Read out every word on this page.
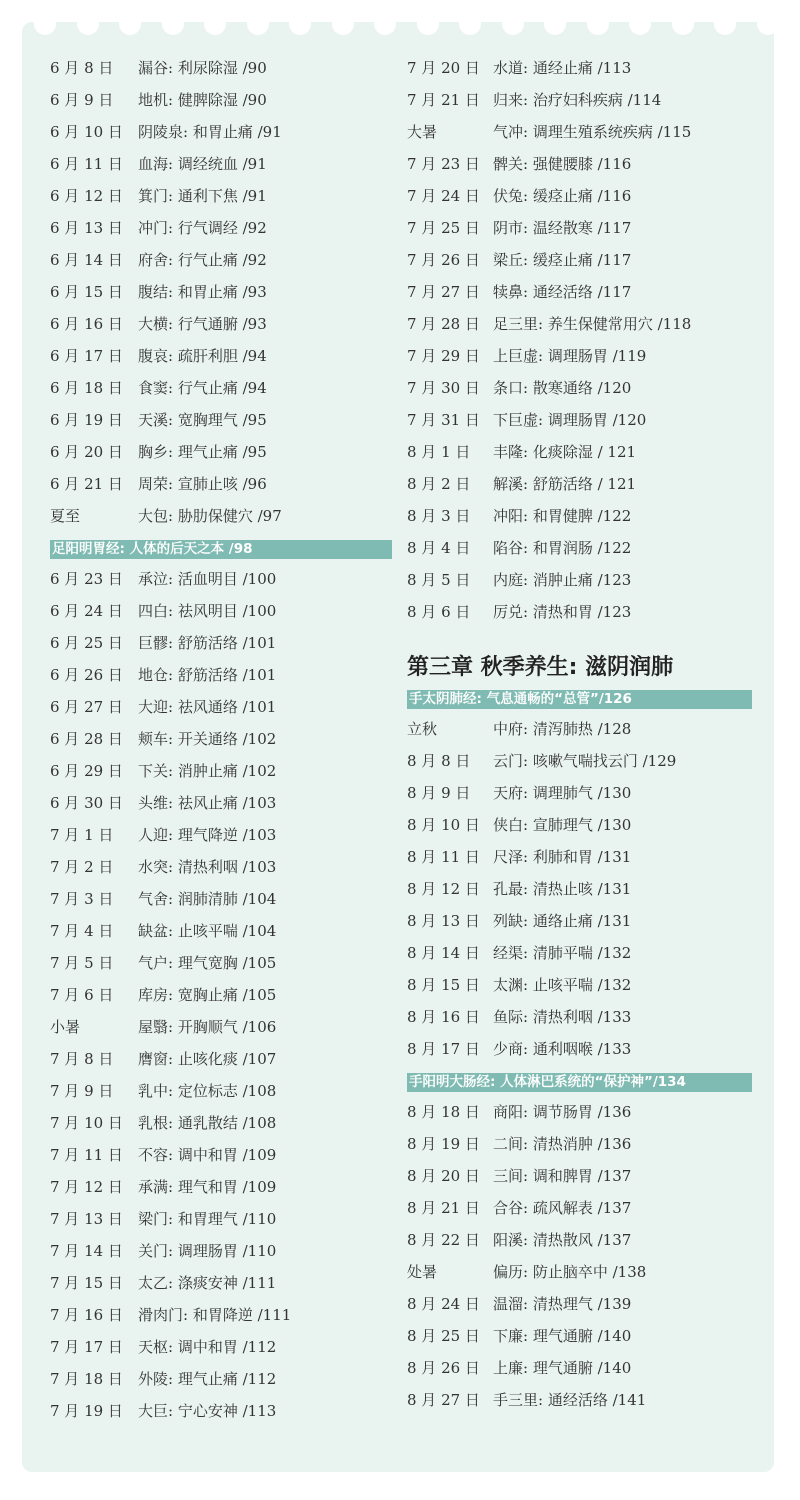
6 月 8 日 漏谷: 利尿除湿 /90
6 月 9 日 地机: 健脾除湿 /90
6 月 10 日 阴陵泉: 和胃止痛 /91
6 月 11 日 血海: 调经统血 /91
6 月 12 日 箕门: 通利下焦 /91
6 月 13 日 冲门: 行气调经 /92
6 月 14 日 府舍: 行气止痛 /92
6 月 15 日 腹结: 和胃止痛 /93
6 月 16 日 大横: 行气通腑 /93
6 月 17 日 腹哀: 疏肝利胆 /94
6 月 18 日 食窦: 行气止痛 /94
6 月 19 日 天溪: 宽胸理气 /95
6 月 20 日 胸乡: 理气止痛 /95
6 月 21 日 周荣: 宣肺止咳 /96
夏至	大包: 胁肋保健穴 /97
足阳明胃经: 人体的后天之本 /98
6 月 23 日 承泣: 活血明目 /100
6 月 24 日 四白: 祛风明目 /100
6 月 25 日 巨髎: 舒筋活络 /101
6 月 26 日 地仓: 舒筋活络 /101
6 月 27 日 大迎: 祛风通络 /101
6 月 28 日 颊车: 开关通络 /102
6 月 29 日 下关: 消肿止痛 /102
6 月 30 日 头维: 祛风止痛 /103
7 月 1 日 人迎: 理气降逆 /103
7 月 2 日 水突: 清热利咽 /103
7 月 3 日 气舍: 润肺清肺 /104
7 月 4 日 缺盆: 止咳平喘 /104
7 月 5 日 气户: 理气宽胸 /105
7 月 6 日 库房: 宽胸止痛 /105
小暑	屋翳: 开胸顺气 /106
7 月 8 日 膺窗: 止咳化痰 /107
7 月 9 日 乳中: 定位标志 /108
7 月 10 日 乳根: 通乳散结 /108
7 月 11 日 不容: 调中和胃 /109
7 月 12 日 承满: 理气和胃 /109
7 月 13 日 梁门: 和胃理气 /110
7 月 14 日 关门: 调理肠胃 /110
7 月 15 日 太乙: 涤痰安神 /111
7 月 16 日 滑肉门: 和胃降逆 /111
7 月 17 日 天枢: 调中和胃 /112
7 月 18 日 外陵: 理气止痛 /112
7 月 19 日 大巨: 宁心安神 /113
7 月 20 日 水道: 通经止痛 /113
7 月 21 日 归来: 治疗妇科疾病 /114
大暑	气冲: 调理生殖系统疾病 /115
7 月 23 日 髀关: 强健腰膝 /116
7 月 24 日 伏兔: 缓痉止痛 /116
7 月 25 日 阴市: 温经散寒 /117
7 月 26 日 梁丘: 缓痉止痛 /117
7 月 27 日 犊鼻: 通经活络 /117
7 月 28 日 足三里: 养生保健常用穴 /118
7 月 29 日 上巨虚: 调理肠胃 /119
7 月 30 日 条口: 散寒通络 /120
7 月 31 日 下巨虚: 调理肠胃 /120
8 月 1 日 丰隆: 化痰除湿 / 121
8 月 2 日 解溪: 舒筋活络 / 121
8 月 3 日 冲阳: 和胃健脾 /122
8 月 4 日 陷谷: 和胃润肠 /122
8 月 5 日 内庭: 消肿止痛 /123
8 月 6 日 厉兑: 清热和胃 /123
第三章 秋季养生: 滋阴润肺
手太阴肺经: 气息通畅的“总管”/126
立秋	中府: 清泻肺热 /128
8 月 8 日 云门: 咳嗽气喘找云门 /129
8 月 9 日 天府: 调理肺气 /130
8 月 10 日 侠白: 宣肺理气 /130
8 月 11 日 尺泽: 利肺和胃 /131
8 月 12 日 孔最: 清热止咳 /131
8 月 13 日 列缺: 通络止痛 /131
8 月 14 日 经渠: 清肺平喘 /132
8 月 15 日 太渊: 止咳平喘 /132
8 月 16 日 鱼际: 清热利咽 /133
8 月 17 日 少商: 通利咽喉 /133
手阳明大肠经: 人体淋巴系统的“保护神”/134
8 月 18 日 商阳: 调节肠胃 /136
8 月 19 日 二间: 清热消肿 /136
8 月 20 日 三间: 调和脾胃 /137
8 月 21 日 合谷: 疏风解表 /137
8 月 22 日 阳溪: 清热散风 /137
处暑	偏历: 防止脑卒中 /138
8 月 24 日 温溜: 清热理气 /139
8 月 25 日 下廉: 理气通腑 /140
8 月 26 日 上廉: 理气通腑 /140
8 月 27 日 手三里: 通经活络 /141
